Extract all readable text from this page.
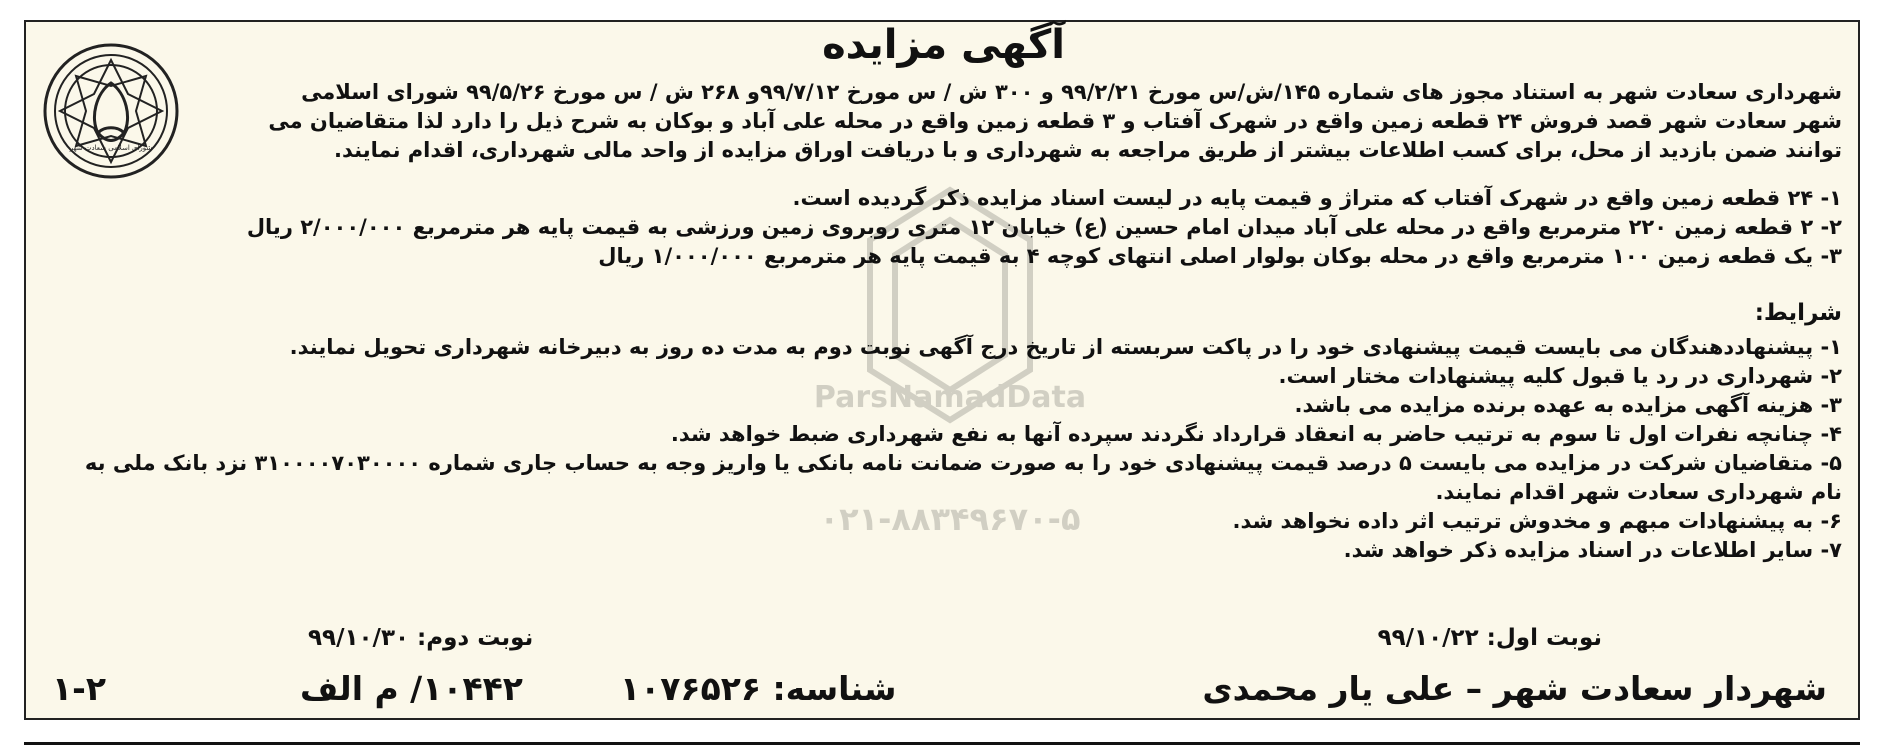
شورای اسلامی سعادت شهر
آگهی مزایده
شهرداری سعادت شهر به استناد مجوز های شماره ۱۴۵/ش/س مورخ ۹۹/۲/۲۱ و ۳۰۰ ش / س مورخ ۹۹/۷/۱۲و ۲۶۸ ش / س مورخ ۹۹/۵/۲۶ شورای اسلامی
شهر سعادت شهر قصد فروش ۲۴ قطعه زمین واقع در شهرک آفتاب و ۳ قطعه زمین واقع در محله علی آباد و بوکان به شرح ذیل را دارد لذا متقاضیان می
توانند ضمن بازدید از محل، برای کسب اطلاعات بیشتر از طریق مراجعه به شهرداری و با دریافت اوراق مزایده از واحد مالی شهرداری، اقدام نمایند.
۱- ۲۴ قطعه زمین واقع در شهرک آفتاب که متراژ و قیمت پایه در لیست اسناد مزایده ذکر گردیده است.
۲- ۲ قطعه زمین ۲۲۰ مترمربع واقع در محله علی آباد میدان امام حسین (ع) خیابان ۱۲ متری روبروی زمین ورزشی به قیمت پایه هر مترمربع ۲/۰۰۰/۰۰۰ ریال
۳- یک قطعه زمین ۱۰۰ مترمربع واقع در محله بوکان بولوار اصلی انتهای کوچه ۴ به قیمت پایه هر مترمربع ۱/۰۰۰/۰۰۰ ریال
شرایط:
۱- پیشنهاددهندگان می بایست قیمت پیشنهادی خود را در پاکت سربسته از تاریخ درج آگهی نوبت دوم به مدت ده روز به دبیرخانه شهرداری تحویل نمایند.
۲- شهرداری در رد یا قبول کلیه پیشنهادات مختار است.
۳- هزینه آگهی مزایده به عهده برنده مزایده می باشد.
۴- چنانچه نفرات اول تا سوم به ترتیب حاضر به انعقاد قرارداد نگردند سپرده آنها به نفع شهرداری ضبط خواهد شد.
۵- متقاضیان شرکت در مزایده می بایست ۵ درصد قیمت پیشنهادی خود را به صورت ضمانت نامه بانکی یا واریز وجه به حساب جاری شماره ۳۱۰۰۰۰۷۰۳۰۰۰۰ نزد بانک ملی به نام شهرداری سعادت شهر اقدام نمایند.
۶- به پیشنهادات مبهم و مخدوش ترتیب اثر داده نخواهد شد.
۷- سایر اطلاعات در اسناد مزایده ذکر خواهد شد.
نوبت اول: ۹۹/۱۰/۲۲
نوبت دوم: ۹۹/۱۰/۳۰
شهردار سعادت شهر – علی یار محمدی
شناسه: ۱۰۷۶۵۲۶
۱۰۴۴۲/ م الف
۱-۲
